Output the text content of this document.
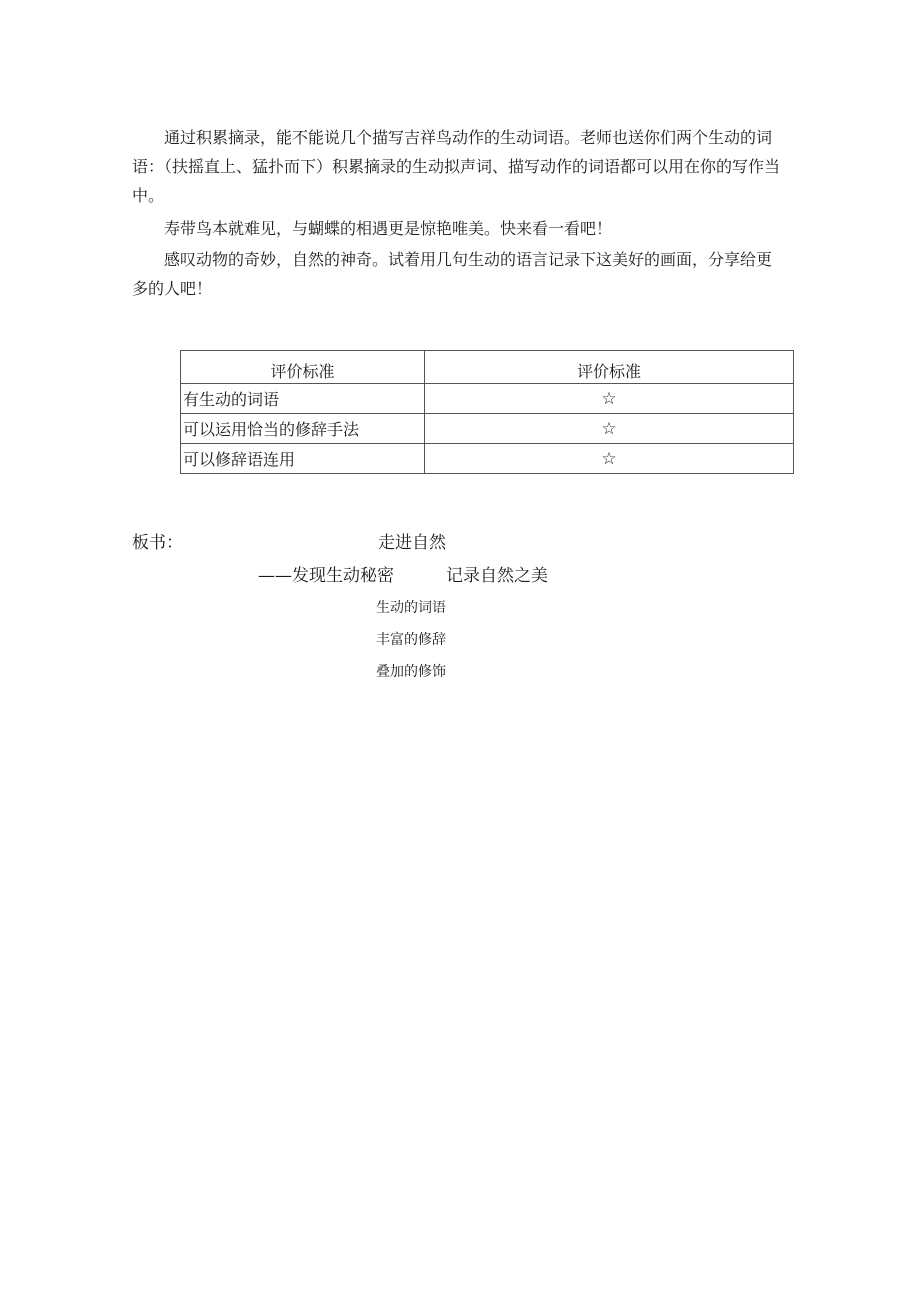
通过积累摘录，能不能说几个描写吉祥鸟动作的生动词语。老师也送你们两个生动的词语：（扶摇直上、猛扑而下）积累摘录的生动拟声词、描写动作的词语都可以用在你的写作当中。

寿带鸟本就难见，与蝴蝶的相遇更是惊艳唯美。快来看一看吧！

感叹动物的奇妙，自然的神奇。试着用几句生动的语言记录下这美好的画面，分享给更多的人吧！

评价标准	评价标准
有生动的词语	☆
可以运用恰当的修辞手法	☆
可以修辞语连用	☆
板书：	走进自然
——发现生动秘密	记录自然之美
生动的词语
丰富的修辞
叠加的修饰
